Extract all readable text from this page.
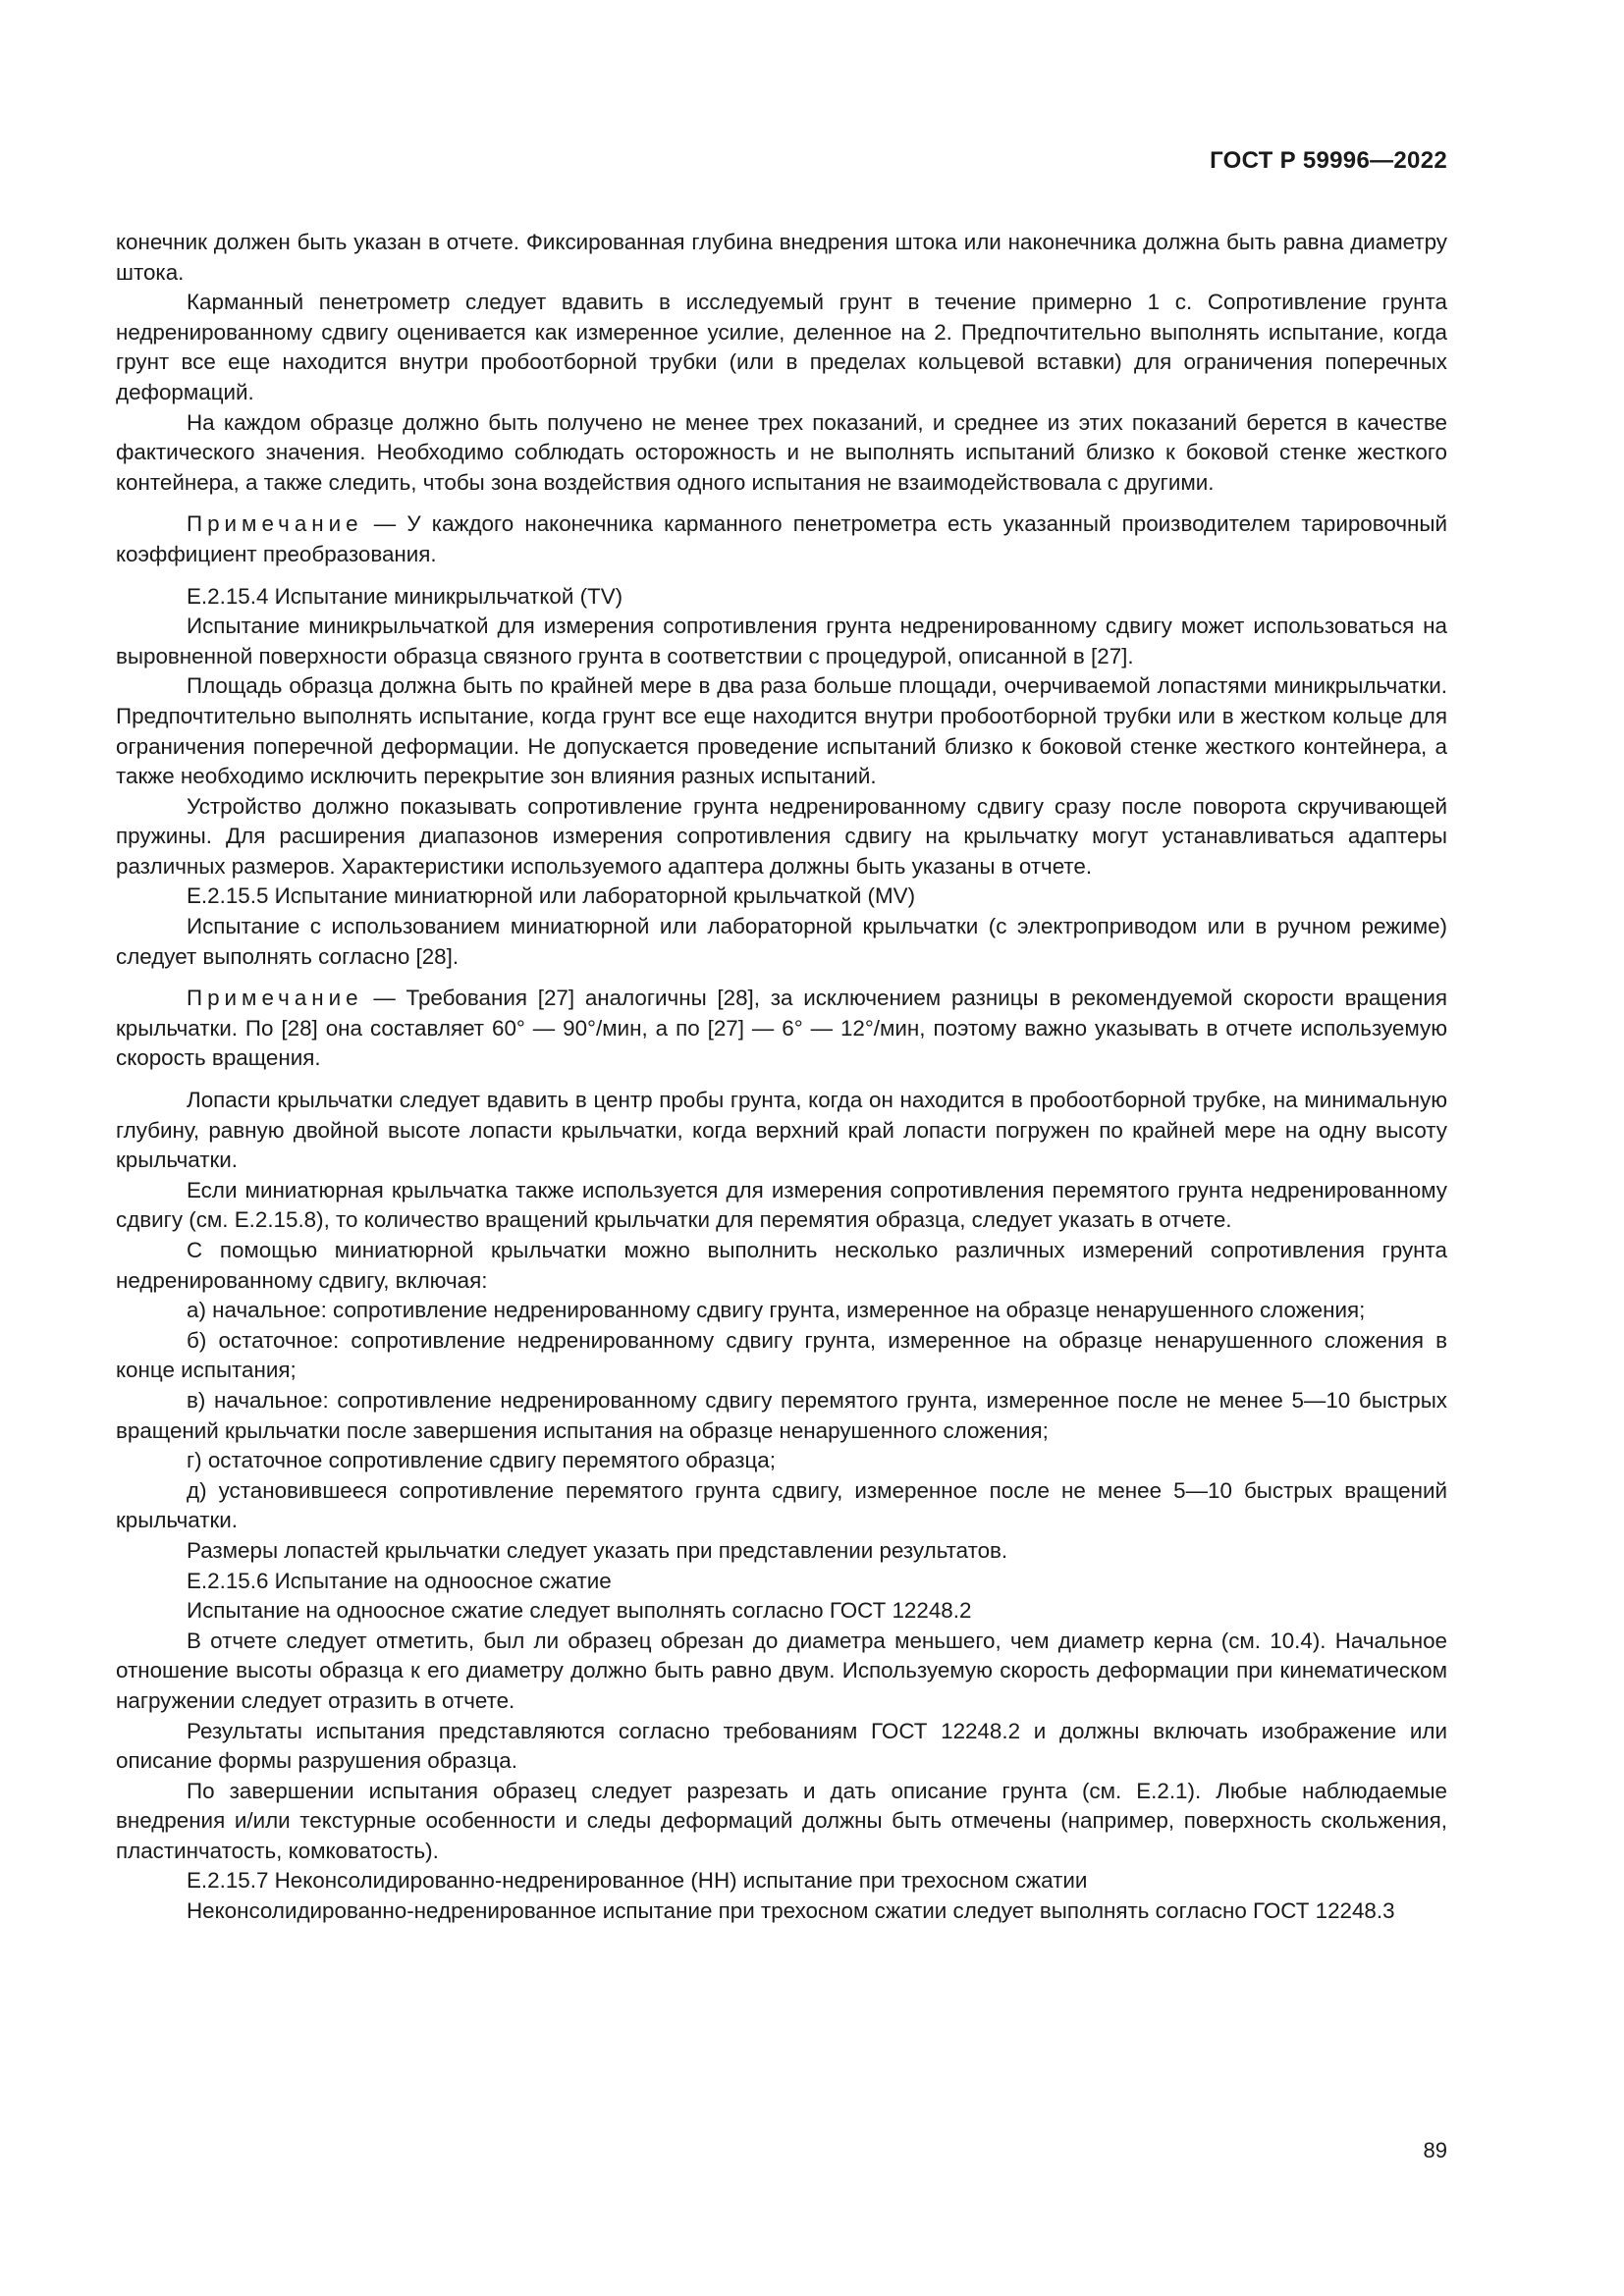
ГОСТ Р 59996—2022

конечник должен быть указан в отчете. Фиксированная глубина внедрения штока или наконечника должна быть равна диаметру штока.

Карманный пенетрометр следует вдавить в исследуемый грунт в течение примерно 1 с. Сопротивление грунта недренированному сдвигу оценивается как измеренное усилие, деленное на 2. Предпочтительно выполнять испытание, когда грунт все еще находится внутри пробоотборной трубки (или в пределах кольцевой вставки) для ограничения поперечных деформаций.

На каждом образце должно быть получено не менее трех показаний, и среднее из этих показаний берется в качестве фактического значения. Необходимо соблюдать осторожность и не выполнять испытаний близко к боковой стенке жесткого контейнера, а также следить, чтобы зона воздействия одного испытания не взаимодействовала с другими.

Примечание — У каждого наконечника карманного пенетрометра есть указанный производителем тарировочный коэффициент преобразования.

E.2.15.4 Испытание миникрыльчаткой (TV)

Испытание миникрыльчаткой для измерения сопротивления грунта недренированному сдвигу может использоваться на выровненной поверхности образца связного грунта в соответствии с процедурой, описанной в [27].

Площадь образца должна быть по крайней мере в два раза больше площади, очерчиваемой лопастями миникрыльчатки. Предпочтительно выполнять испытание, когда грунт все еще находится внутри пробоотборной трубки или в жестком кольце для ограничения поперечной деформации. Не допускается проведение испытаний близко к боковой стенке жесткого контейнера, а также необходимо исключить перекрытие зон влияния разных испытаний.

Устройство должно показывать сопротивление грунта недренированному сдвигу сразу после поворота скручивающей пружины. Для расширения диапазонов измерения сопротивления сдвигу на крыльчатку могут устанавливаться адаптеры различных размеров. Характеристики используемого адаптера должны быть указаны в отчете.

E.2.15.5 Испытание миниатюрной или лабораторной крыльчаткой (MV)

Испытание с использованием миниатюрной или лабораторной крыльчатки (с электроприводом или в ручном режиме) следует выполнять согласно [28].

Примечание — Требования [27] аналогичны [28], за исключением разницы в рекомендуемой скорости вращения крыльчатки. По [28] она составляет 60° — 90°/мин, а по [27] — 6° — 12°/мин, поэтому важно указывать в отчете используемую скорость вращения.

Лопасти крыльчатки следует вдавить в центр пробы грунта, когда он находится в пробоотборной трубке, на минимальную глубину, равную двойной высоте лопасти крыльчатки, когда верхний край лопасти погружен по крайней мере на одну высоту крыльчатки.

Если миниатюрная крыльчатка также используется для измерения сопротивления перемятого грунта недренированному сдвигу (см. Е.2.15.8), то количество вращений крыльчатки для перемятия образца, следует указать в отчете.

С помощью миниатюрной крыльчатки можно выполнить несколько различных измерений сопротивления грунта недренированному сдвигу, включая:

а) начальное: сопротивление недренированному сдвигу грунта, измеренное на образце ненарушенного сложения;

б) остаточное: сопротивление недренированному сдвигу грунта, измеренное на образце ненарушенного сложения в конце испытания;

в) начальное: сопротивление недренированному сдвигу перемятого грунта, измеренное после не менее 5—10 быстрых вращений крыльчатки после завершения испытания на образце ненарушенного сложения;

г) остаточное сопротивление сдвигу перемятого образца;

д) установившееся сопротивление перемятого грунта сдвигу, измеренное после не менее 5—10 быстрых вращений крыльчатки.

Размеры лопастей крыльчатки следует указать при представлении результатов.

E.2.15.6 Испытание на одноосное сжатие

Испытание на одноосное сжатие следует выполнять согласно ГОСТ 12248.2

В отчете следует отметить, был ли образец обрезан до диаметра меньшего, чем диаметр керна (см. 10.4). Начальное отношение высоты образца к его диаметру должно быть равно двум. Используемую скорость деформации при кинематическом нагружении следует отразить в отчете.

Результаты испытания представляются согласно требованиям ГОСТ 12248.2 и должны включать изображение или описание формы разрушения образца.

По завершении испытания образец следует разрезать и дать описание грунта (см. Е.2.1). Любые наблюдаемые внедрения и/или текстурные особенности и следы деформаций должны быть отмечены (например, поверхность скольжения, пластинчатость, комковатость).

E.2.15.7 Неконсолидированно-недренированное (НН) испытание при трехосном сжатии

Неконсолидированно-недренированное испытание при трехосном сжатии следует выполнять согласно ГОСТ 12248.3

89
